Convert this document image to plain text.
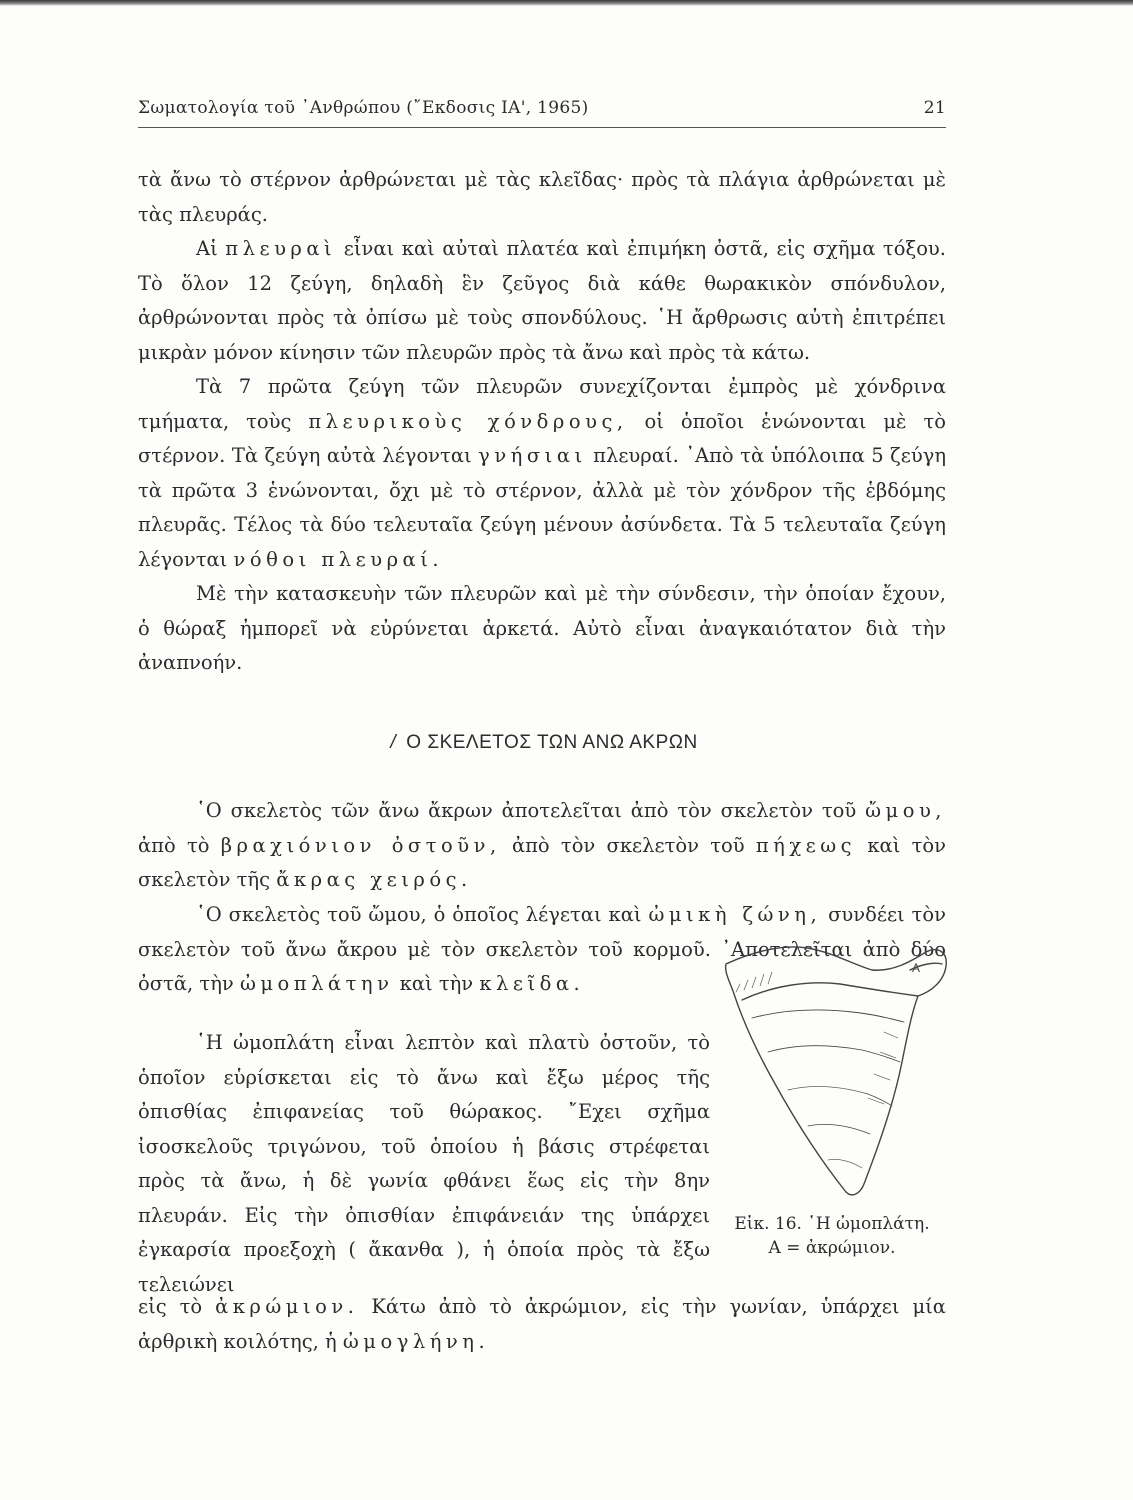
Σωματολογία τοῦ ᾿Ανθρώπου (῎Εκδοσις ΙΑ', 1965)	21

τὰ ἄνω τὸ στέρνον ἀρθρώνεται μὲ τὰς κλεῖδας· πρὸς τὰ πλάγια ἀρθρώνεται μὲ τὰς πλευράς.

Αἱ πλευραὶ εἶναι καὶ αὐταὶ πλατέα καὶ ἐπιμήκη ὀστᾶ, εἰς σχῆμα τόξου. Τὸ ὅλον 12 ζεύγη, δηλαδὴ ἓν ζεῦγος διὰ κάθε θωρακικὸν σπόνδυλον, ἀρθρώνονται πρὸς τὰ ὀπίσω μὲ τοὺς σπονδύλους. ῾Η ἄρθρωσις αὐτὴ ἐπιτρέπει μικρὰν μόνον κίνησιν τῶν πλευρῶν πρὸς τὰ ἄνω καὶ πρὸς τὰ κάτω.

Τὰ 7 πρῶτα ζεύγη τῶν πλευρῶν συνεχίζονται ἐμπρὸς μὲ χόνδρινα τμήματα, τοὺς πλευρικοὺς χόνδρους, οἱ ὁποῖοι ἑνώνονται μὲ τὸ στέρνον. Τὰ ζεύγη αὐτὰ λέγονται γνήσιαι πλευραί. ᾿Απὸ τὰ ὑπόλοιπα 5 ζεύγη τὰ πρῶτα 3 ἑνώνονται, ὄχι μὲ τὸ στέρνον, ἀλλὰ μὲ τὸν χόνδρον τῆς ἑβδόμης πλευρᾶς. Τέλος τὰ δύο τελευταῖα ζεύγη μένουν ἀσύνδετα. Τὰ 5 τελευταῖα ζεύγη λέγονται νόθοι πλευραί.

Μὲ τὴν κατασκευὴν τῶν πλευρῶν καὶ μὲ τὴν σύνδεσιν, τὴν ὁποίαν ἔχουν, ὁ θώραξ ἠμπορεῖ νὰ εὐρύνεται ἀρκετά. Αὐτὸ εἶναι ἀναγκαιότατον διὰ τὴν ἀναπνοήν.

/ Ο ΣΚΕΛΕΤΟΣ ΤΩΝ ΑΝΩ ΑΚΡΩΝ

῾Ο σκελετὸς τῶν ἄνω ἄκρων ἀποτελεῖται ἀπὸ τὸν σκελετὸν τοῦ ὤμου, ἀπὸ τὸ βραχιόνιον ὀστοῦν, ἀπὸ τὸν σκελετὸν τοῦ πήχεως καὶ τὸν σκελετὸν τῆς ἄκρας χειρός.

῾Ο σκελετὸς τοῦ ὤμου, ὁ ὁποῖος λέγεται καὶ ὠμικὴ ζώνη, συνδέει τὸν σκελετὸν τοῦ ἄνω ἄκρου μὲ τὸν σκελετὸν τοῦ κορμοῦ. ᾿Αποτελεῖται ἀπὸ δύο ὀστᾶ, τὴν ὠμοπλάτην καὶ τὴν κλεῖδα.

῾Η ὠμοπλάτη εἶναι λεπτὸν καὶ πλατὺ ὀστοῦν, τὸ ὁποῖον εὑρίσκεται εἰς τὸ ἄνω καὶ ἔξω μέρος τῆς ὀπισθίας ἐπιφανείας τοῦ θώρακος. ῎Εχει σχῆμα ἰσοσκελοῦς τριγώνου, τοῦ ὁποίου ἡ βάσις στρέφεται πρὸς τὰ ἄνω, ἡ δὲ γωνία φθάνει ἕως εἰς τὴν 8ην πλευράν. Εἰς τὴν ὀπισθίαν ἐπιφάνειάν της ὑπάρχει ἐγκαρσία προεξοχὴ ( ἄκανθα ), ἡ ὁποία πρὸς τὰ ἔξω τελειώνει

εἰς τὸ ἀκρώμιον. Κάτω ἀπὸ τὸ ἀκρώμιον, εἰς τὴν γωνίαν, ὑπάρχει μία ἀρθρικὴ κοιλότης, ἡ ὠμογλήνη.

A
Εἰκ. 16. ῾Η ὠμοπλάτη.
A = ἀκρώμιον.
